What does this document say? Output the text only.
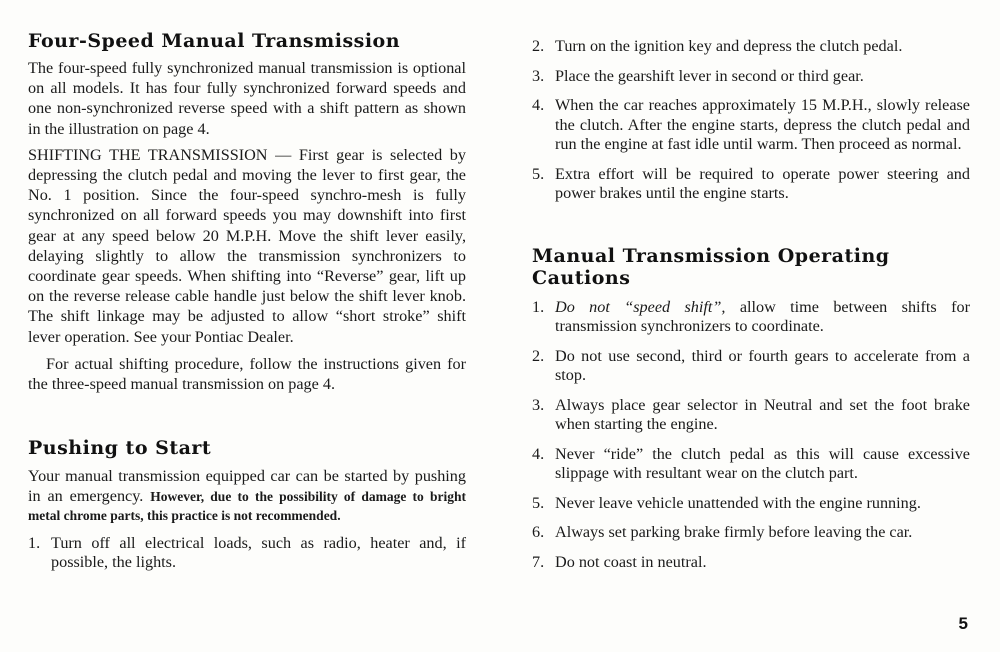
Four-Speed Manual Transmission

The four-speed fully synchronized manual transmission is optional on all models. It has four fully synchronized forward speeds and one non-synchronized reverse speed with a shift pattern as shown in the illustration on page 4.

SHIFTING THE TRANSMISSION — First gear is selected by depressing the clutch pedal and moving the lever to first gear, the No. 1 position. Since the four-speed synchro-mesh is fully synchronized on all forward speeds you may downshift into first gear at any speed below 20 M.P.H. Move the shift lever easily, delaying slightly to allow the transmission synchronizers to coordinate gear speeds. When shifting into “Reverse” gear, lift up on the reverse release cable handle just below the shift lever knob. The shift linkage may be adjusted to allow “short stroke” shift lever operation. See your Pontiac Dealer.

For actual shifting procedure, follow the instructions given for the three-speed manual transmission on page 4.

Pushing to Start

Your manual transmission equipped car can be started by pushing in an emergency. However, due to the possibility of damage to bright metal chrome parts, this practice is not recommended.

1. Turn off all electrical loads, such as radio, heater and, if possible, the lights.
2. Turn on the ignition key and depress the clutch pedal.
3. Place the gearshift lever in second or third gear.
4. When the car reaches approximately 15 M.P.H., slowly release the clutch. After the engine starts, depress the clutch pedal and run the engine at fast idle until warm. Then proceed as normal.
5. Extra effort will be required to operate power steering and power brakes until the engine starts.
Manual Transmission Operating
Cautions
1. Do not “speed shift”, allow time between shifts for transmission synchronizers to coordinate.
2. Do not use second, third or fourth gears to accelerate from a stop.
3. Always place gear selector in Neutral and set the foot brake when starting the engine.
4. Never “ride” the clutch pedal as this will cause excessive slippage with resultant wear on the clutch part.
5. Never leave vehicle unattended with the engine running.
6. Always set parking brake firmly before leaving the car.
7. Do not coast in neutral.
5
